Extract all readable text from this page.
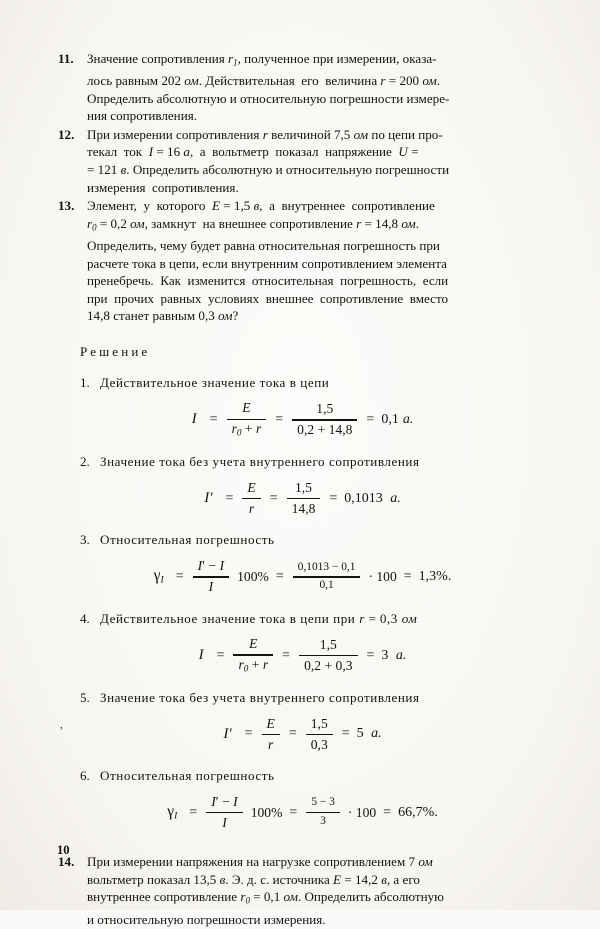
11.	Значение сопротивления $r_1$, полученное при измерении, оказа-
лось равным 202 ом. Действительная  его  величина r = 200 ом.
Определить абсолютную и относительную погрешности измере-
ния сопротивления.

12. При измерении сопротивления r величиной 7,5 ом по цепи про-
текал  ток  I = 16 а,  а  вольтметр  показал  напряжение  U =
= 121 в. Определить абсолютную и относительную погрешности
измерения  сопротивления.

13. Элемент,  у  которого  E = 1,5 в,  а  внутреннее  сопротивление
$r_0 = 0,2$ ом, замкнут  на внешнее сопротивление r = 14,8 ом.
Определить, чему будет равна относительная погрешность при
расчете тока в цепи, если внутренним сопротивлением элемента
пренебречь.  Как  изменится  относительная  погрешность,  если
при  прочих  равных  условиях  внешнее  сопротивление  вместо
14,8 станет равным 0,3 ом?

Решение
1. Действительное значение тока в цепи
$I = \frac{E}{r_0 + r} = \frac{1,5}{0,2 + 14,8} = 0,1$ а.
2. Значение тока без учета внутреннего сопротивления
$I' = \frac{E}{r} = \frac{1,5}{14,8} = 0,1013$ а.
3. Относительная погрешность
$\gamma_I = \frac{I' - I}{I} 100\% = \frac{0,1013 - 0,1}{0,1} \cdot 100 = 1,3\%$.
4. Действительное значение тока в цепи при r = 0,3 ом
$I = \frac{E}{r_0 + r} = \frac{1,5}{0,2 + 0,3} = 3$ а.
5. Значение тока без учета внутреннего сопротивления
$I' = \frac{E}{r} = \frac{1,5}{0,3} = 5$ а.
6. Относительная погрешность
$\gamma_I = \frac{I' - I}{I} 100\% = \frac{5 - 3}{3} \cdot 100 = 66,7\%$.
14. При измерении напряжения на нагрузке сопротивлением 7 ом
вольтметр показал 13,5 в. Э. д. с. источника E = 14,2 в, а его
внутреннее сопротивление $r_0 = 0,1$ ом. Определить абсолютную
и относительную погрешности измерения.

,
10
